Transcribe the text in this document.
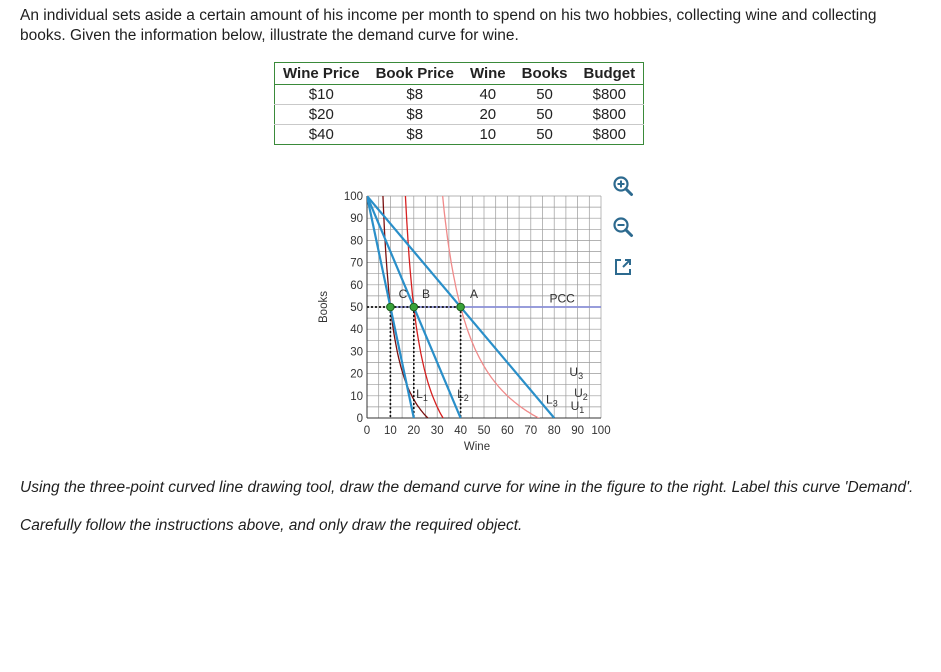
An individual sets aside a certain amount of his income per month to spend on his two hobbies, collecting wine and collecting books. Given the information below, illustrate the demand curve for wine.
Wine Price	Book Price	Wine	Books	Budget
$10	$8	40	50	$800
$20	$8	20	50	$800
$40	$8	10	50	$800
A
B
C	PCC
$L_1$ $L_2$	$L_3$ $U_1$
$U_2$
$U_3$
0 10 20 30 40 50 60 70 80 90 100
0
10
20
30
40
50
60
70
80
90
100
Wine
Books

Using the three-point curved line drawing tool, draw the demand curve for wine in the figure to the right. Label this curve 'Demand'.

Carefully follow the instructions above, and only draw the required object.
